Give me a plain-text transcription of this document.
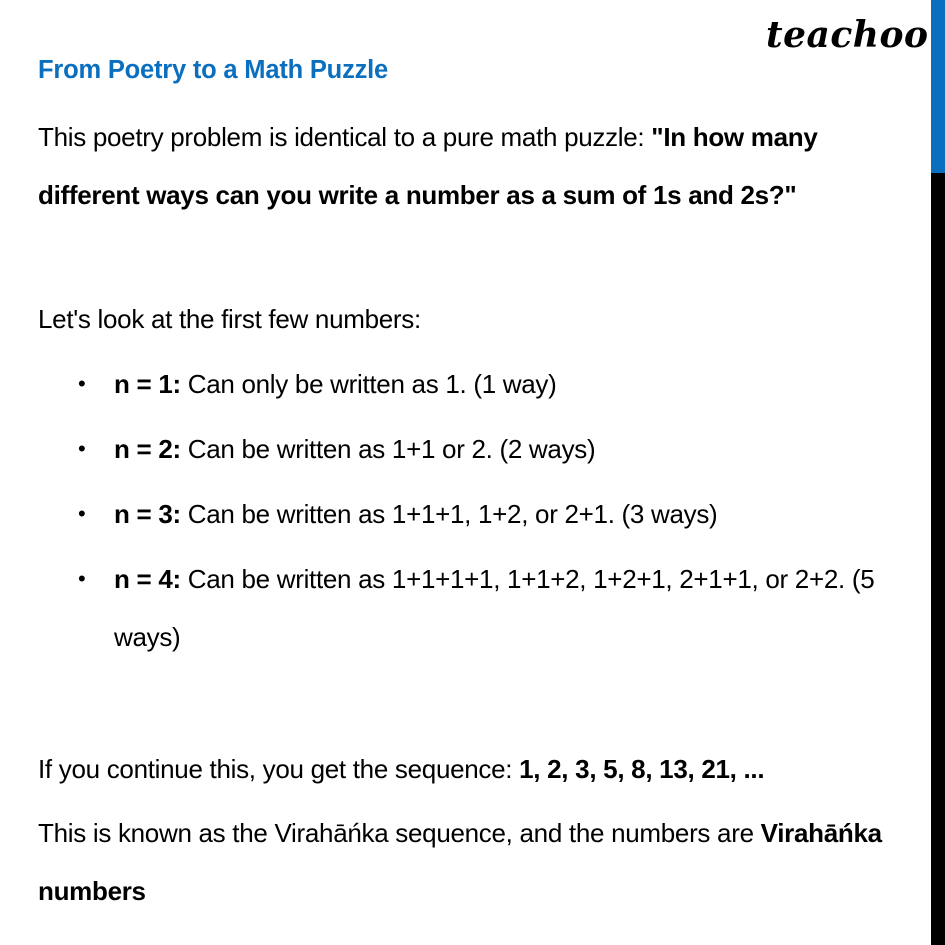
teachoo
From Poetry to a Math Puzzle
This poetry problem is identical to a pure math puzzle: "In how many different ways can you write a number as a sum of 1s and 2s?"
Let's look at the first few numbers:
• n = 1: Can only be written as 1. (1 way)
• n = 2: Can be written as 1+1 or 2. (2 ways)
• n = 3: Can be written as 1+1+1, 1+2, or 2+1. (3 ways)
• n = 4: Can be written as 1+1+1+1, 1+1+2, 1+2+1, 2+1+1, or 2+2. (5 ways)
If you continue this, you get the sequence: 1, 2, 3, 5, 8, 13, 21, ...
This is known as the Virahāńka sequence, and the numbers are Virahāńka numbers
